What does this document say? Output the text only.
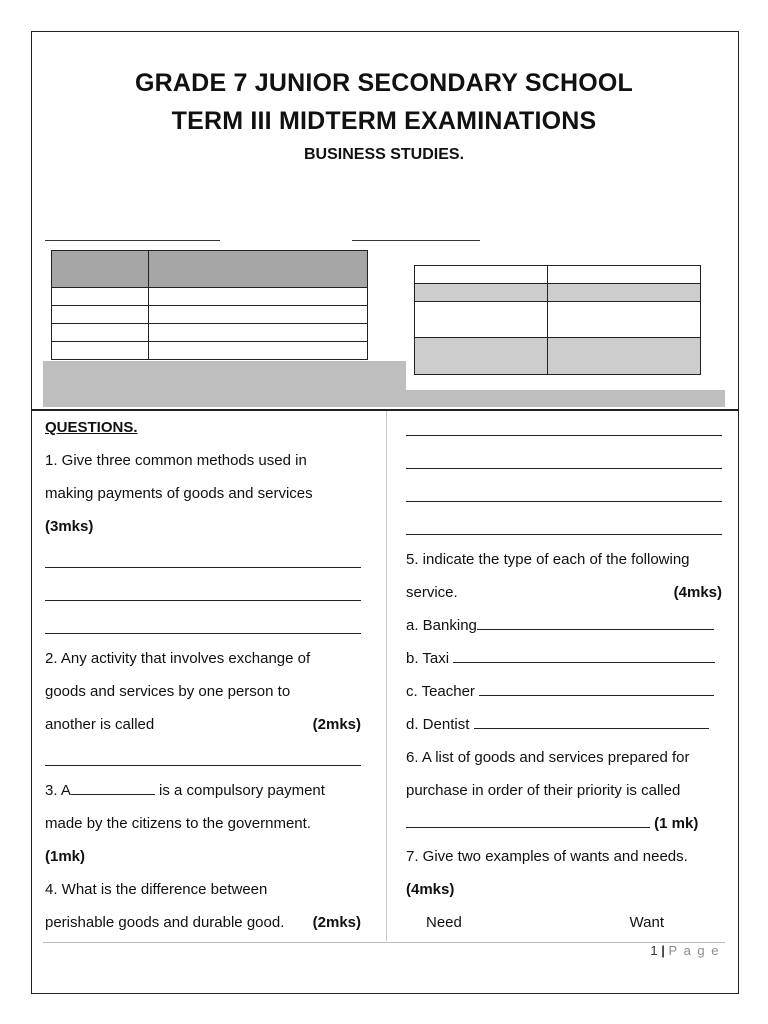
GRADE 7 JUNIOR SECONDARY SCHOOL
TERM III MIDTERM EXAMINATIONS
BUSINESS STUDIES.

QUESTIONS.
1. Give three common methods used in
making payments of goods and services
(3mks)
2. Any activity that involves exchange of
goods and services by one person to
another is called	(2mks)
3. A	is a compulsory payment
made by the citizens to the government.
(1mk)
4. What is the difference between
perishable goods and durable good. (2mks)
5. indicate the type of each of the following
service.	(4mks)
a. Banking
b. Taxi
c. Teacher
d. Dentist
6. A list of goods and services prepared for
purchase in order of their priority is called
(1 mk)
7. Give two examples of wants and needs.
(4mks)
Need	Want
1 | P a g e
